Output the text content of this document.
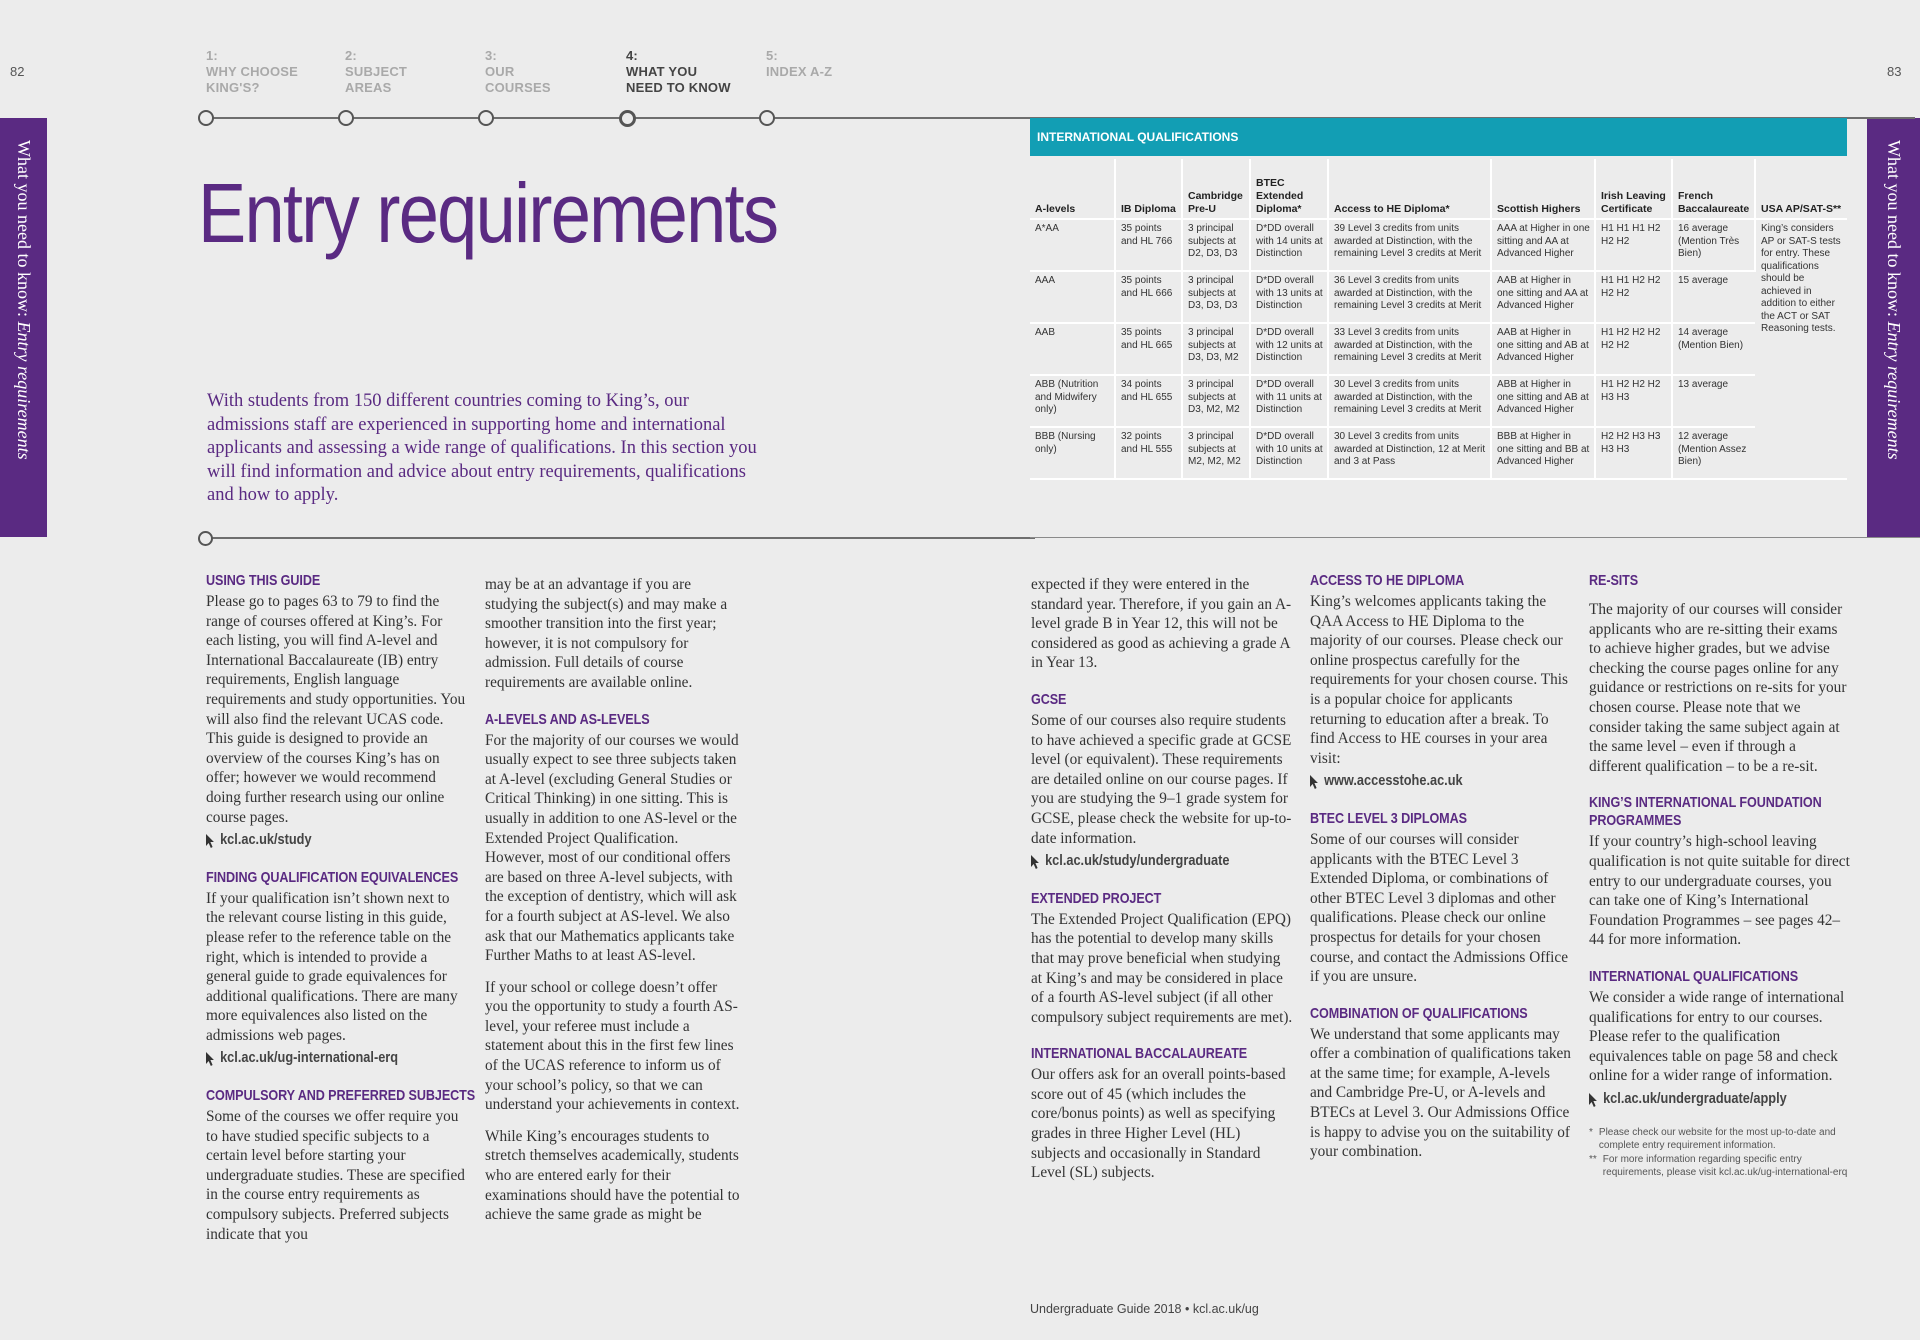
82	83
What you need to know: Entry requirements
What you need to know: Entry requirements
1:
WHY CHOOSE
KING'S?
2:
SUBJECT
AREAS
3:
OUR
COURSES
4:
WHAT YOU
NEED TO KNOW
5:
INDEX A-Z
Entry requirements

With students from 150 different countries coming to King’s, our admissions staff are experienced in supporting home and international applicants and assessing a wide range of qualifications. In this section you will find information and advice about entry requirements, qualifications and how to apply.

INTERNATIONAL QUALIFICATIONS
A-levels	IB Diploma	Cambridge Pre-U	BTEC Extended Diploma*	Access to HE Diploma*	Scottish Highers	Irish Leaving Certificate	French Baccalaureate	USA AP/SAT-S**
A*AA	35 points and HL 766	3 principal subjects at D2, D3, D3	D*DD overall with 14 units at Distinction	39 Level 3 credits from units awarded at Distinction, with the remaining Level 3 credits at Merit	AAA at Higher in one sitting and AA at Advanced Higher	H1 H1 H1 H2 H2 H2	16 average (Mention Très Bien)	King’s considers AP or SAT-S tests for entry. These qualifications should be achieved in addition to either the ACT or SAT Reasoning tests.
AAA	35 points and HL 666	3 principal subjects at D3, D3, D3	D*DD overall with 13 units at Distinction	36 Level 3 credits from units awarded at Distinction, with the remaining Level 3 credits at Merit	AAB at Higher in one sitting and AA at Advanced Higher	H1 H1 H2 H2 H2 H2	15 average	
AAB	35 points and HL 665	3 principal subjects at D3, D3, M2	D*DD overall with 12 units at Distinction	33 Level 3 credits from units awarded at Distinction, with the remaining Level 3 credits at Merit	AAB at Higher in one sitting and AB at Advanced Higher	H1 H2 H2 H2 H2 H2	14 average (Mention Bien)	
ABB (Nutrition and Midwifery only)	34 points and HL 655	3 principal subjects at D3, M2, M2	D*DD overall with 11 units at Distinction	30 Level 3 credits from units awarded at Distinction, with the remaining Level 3 credits at Merit	ABB at Higher in one sitting and AB at Advanced Higher	H1 H2 H2 H2 H3 H3	13 average	
BBB (Nursing only)	32 points and HL 555	3 principal subjects at M2, M2, M2	D*DD overall with 10 units at Distinction	30 Level 3 credits from units awarded at Distinction, 12 at Merit and 3 at Pass	BBB at Higher in one sitting and BB at Advanced Higher	H2 H2 H3 H3 H3 H3	12 average (Mention Assez Bien)	
USING THIS GUIDE

Please go to pages 63 to 79 to find the range of courses offered at King’s. For each listing, you will find A-level and International Baccalaureate (IB) entry requirements, English language requirements and study opportunities. You will also find the relevant UCAS code. This guide is designed to provide an overview of the courses King’s has on offer; however we would recommend doing further research using our online course pages.

kcl.ac.uk/study
FINDING QUALIFICATION EQUIVALENCES

If your qualification isn’t shown next to the relevant course listing in this guide, please refer to the reference table on the right, which is intended to provide a general guide to grade equivalences for additional qualifications. There are many more equivalences also listed on the admissions web pages.

kcl.ac.uk/ug-international-erq
COMPULSORY AND PREFERRED SUBJECTS

Some of the courses we offer require you to have studied specific subjects to a certain level before starting your undergraduate studies. These are specified in the course entry requirements as compulsory subjects. Preferred subjects indicate that you

may be at an advantage if you are studying the subject(s) and may make a smoother transition into the first year; however, it is not compulsory for admission. Full details of course requirements are available online.

A-LEVELS AND AS-LEVELS

For the majority of our courses we would usually expect to see three subjects taken at A-level (excluding General Studies or Critical Thinking) in one sitting. This is usually in addition to one AS-level or the Extended Project Qualification. However, most of our conditional offers are based on three A-level subjects, with the exception of dentistry, which will ask for a fourth subject at AS-level. We also ask that our Mathematics applicants take Further Maths to at least AS-level.

If your school or college doesn’t offer you the opportunity to study a fourth AS-level, your referee must include a statement about this in the first few lines of the UCAS reference to inform us of your school’s policy, so that we can understand your achievements in context.

While King’s encourages students to stretch themselves academically, students who are entered early for their examinations should have the potential to achieve the same grade as might be

expected if they were entered in the standard year. Therefore, if you gain an A-level grade B in Year 12, this will not be considered as good as achieving a grade A in Year 13.

GCSE

Some of our courses also require students to have achieved a specific grade at GCSE level (or equivalent). These requirements are detailed online on our course pages. If you are studying the 9–1 grade system for GCSE, please check the website for up-to-date information.

kcl.ac.uk/study/undergraduate
EXTENDED PROJECT

The Extended Project Qualification (EPQ) has the potential to develop many skills that may prove beneficial when studying at King’s and may be considered in place of a fourth AS-level subject (if all other compulsory subject requirements are met).

INTERNATIONAL BACCALAUREATE

Our offers ask for an overall points-based score out of 45 (which includes the core/bonus points) as well as specifying grades in three Higher Level (HL) subjects and occasionally in Standard Level (SL) subjects.

ACCESS TO HE DIPLOMA

King’s welcomes applicants taking the QAA Access to HE Diploma to the majority of our courses. Please check our online prospectus carefully for the requirements for your chosen course. This is a popular choice for applicants returning to education after a break. To find Access to HE courses in your area visit:

www.accesstohe.ac.uk
BTEC LEVEL 3 DIPLOMAS

Some of our courses will consider applicants with the BTEC Level 3 Extended Diploma, or combinations of other BTEC Level 3 diplomas and other qualifications. Please check our online prospectus for details for your chosen course, and contact the Admissions Office if you are unsure.

COMBINATION OF QUALIFICATIONS

We understand that some applicants may offer a combination of qualifications taken at the same time; for example, A-levels and Cambridge Pre-U, or A-levels and BTECs at Level 3. Our Admissions Office is happy to advise you on the suitability of your combination.

RE-SITS

The majority of our courses will consider applicants who are re-sitting their exams to achieve higher grades, but we advise checking the course pages online for any guidance or restrictions on re-sits for your chosen course. Please note that we consider taking the same subject again at the same level – even if through a different qualification – to be a re-sit.

KING’S INTERNATIONAL FOUNDATION PROGRAMMES

If your country’s high-school leaving qualification is not quite suitable for direct entry to our undergraduate courses, you can take one of King’s International Foundation Programmes – see pages 42–44 for more information.

INTERNATIONAL QUALIFICATIONS

We consider a wide range of international qualifications for entry to our courses. Please refer to the qualification equivalences table on page 58 and check online for a wider range of information.

kcl.ac.uk/undergraduate/apply
* Please check our website for the most up-to-date and complete entry requirement information.
** For more information regarding specific entry requirements, please visit kcl.ac.uk/ug-international-erq
Undergraduate Guide 2018 • kcl.ac.uk/ug
